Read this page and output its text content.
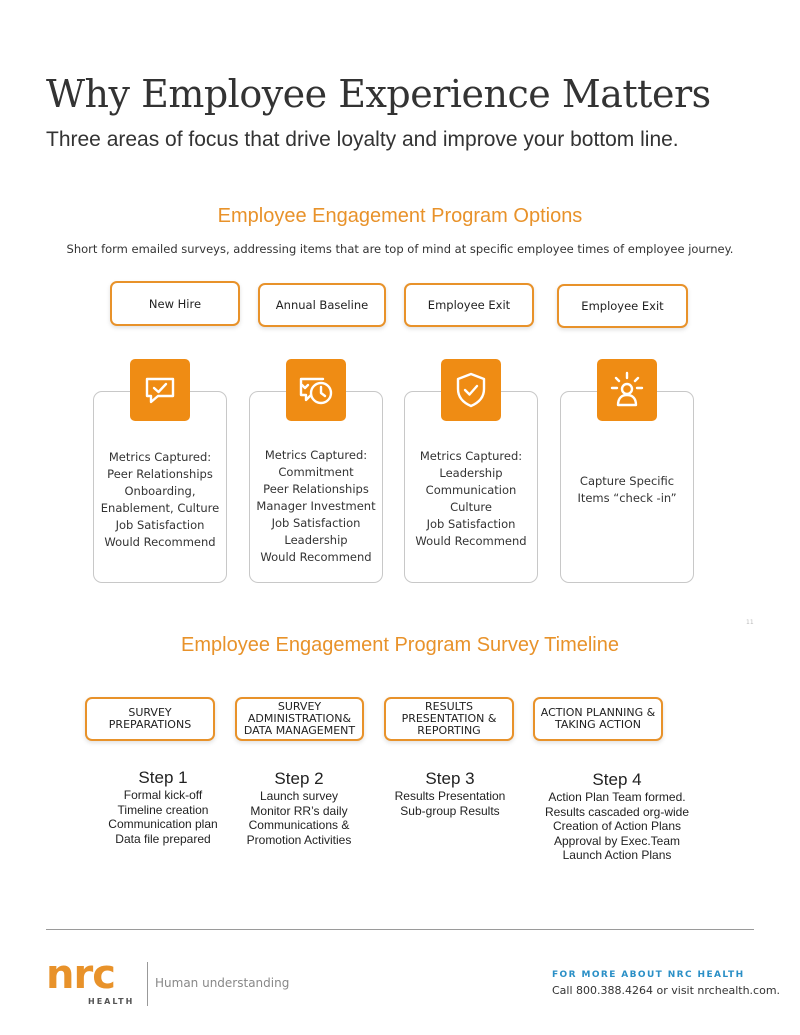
Why Employee Experience Matters
Three areas of focus that drive loyalty and improve your bottom line.
Employee Engagement Program Options
Short form emailed surveys, addressing items that are top of mind at specific employee times of employee journey.
New Hire	Annual Baseline	Employee Exit	Employee Exit
Metrics Captured:
Peer Relationships
Onboarding,
Enablement, Culture
Job Satisfaction
Would Recommend
Metrics Captured:
Commitment
Peer Relationships
Manager Investment
Job Satisfaction
Leadership
Would Recommend
Metrics Captured:
Leadership
Communication
Culture
Job Satisfaction
Would Recommend
Capture Specific
Items “check -in”
11
Employee Engagement Program Survey Timeline
SURVEY
PREPARATIONS
SURVEY
ADMINISTRATION&
DATA MANAGEMENT
RESULTS
PRESENTATION &
REPORTING
ACTION PLANNING &
TAKING ACTION
Step 1
Formal kick-off
Timeline creation
Communication plan
Data file prepared
Step 2
Launch survey
Monitor RR’s daily
Communications &
Promotion Activities
Step 3
Results Presentation
Sub-group Results
Step 4
Action Plan Team formed.
Results cascaded org-wide
Creation of Action Plans
Approval by Exec.Team
Launch Action Plans
nrc
HEALTH
Human understanding
FOR MORE ABOUT NRC HEALTH
Call 800.388.4264 or visit nrchealth.com.
